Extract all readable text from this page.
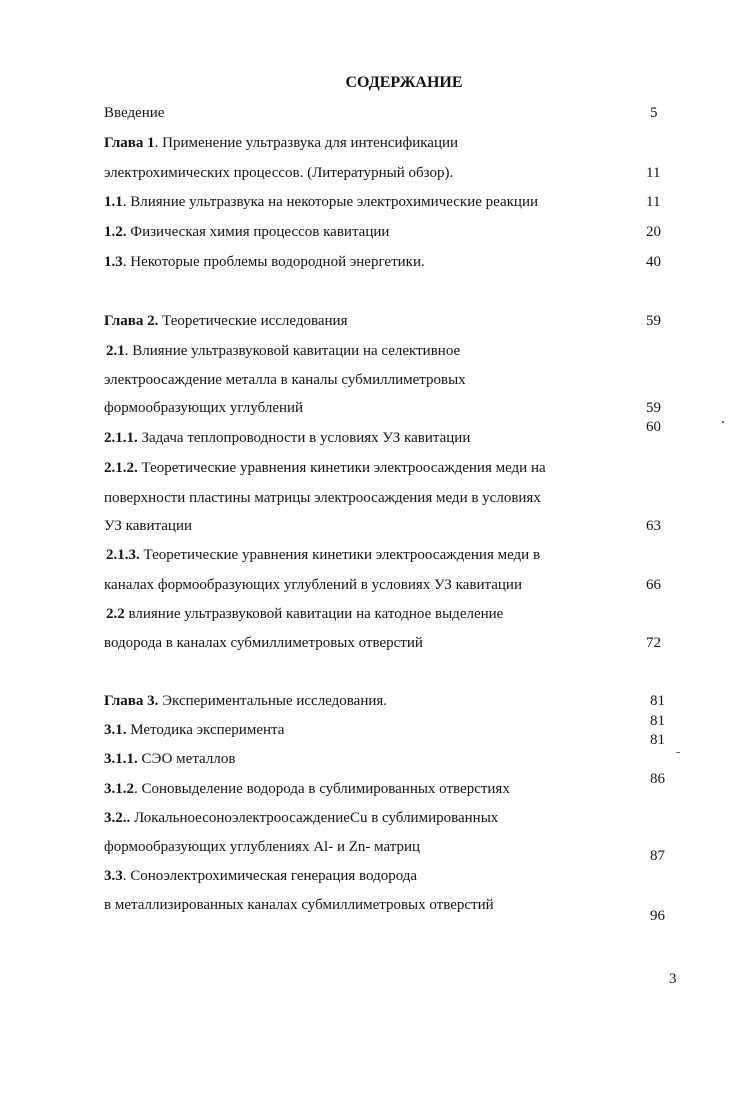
СОДЕРЖАНИЕ
Введение
Глава 1. Применение ультразвука для интенсификации
электрохимических процессов. (Литературный обзор).
1.1. Влияние ультразвука на некоторые электрохимические реакции
1.2. Физическая химия процессов кавитации
1.3. Некоторые проблемы водородной энергетики.
Глава 2. Теоретические исследования
2.1. Влияние ультразвуковой кавитации на селективное
электроосаждение металла в каналы субмиллиметровых
формообразующих углублений
2.1.1. Задача теплопроводности в условиях УЗ кавитации
2.1.2. Теоретические уравнения кинетики электроосаждения меди на
поверхности пластины матрицы электроосаждения меди в условиях
УЗ кавитации
2.1.3. Теоретические уравнения кинетики электроосаждения меди в
каналах формообразующих углублений в условиях УЗ кавитации
2.2 влияние ультразвуковой кавитации на катодное выделение
водорода в каналах субмиллиметровых отверстий
Глава 3. Экспериментальные исследования.
3.1. Методика эксперимента
3.1.1. СЭО металлов
3.1.2. Соновыделение водорода в сублимированных отверстиях
3.2.. ЛокальноесоноэлектроосаждениеCu в сублимированных
формообразующих углублениях Al- и Zn- матриц
3.3. Соноэлектрохимическая генерация водорода
в металлизированных каналах субмиллиметровых отверстий
5
11
11
20
40
59
59
60
63
66
72
81
81
81
86
87
96
3
